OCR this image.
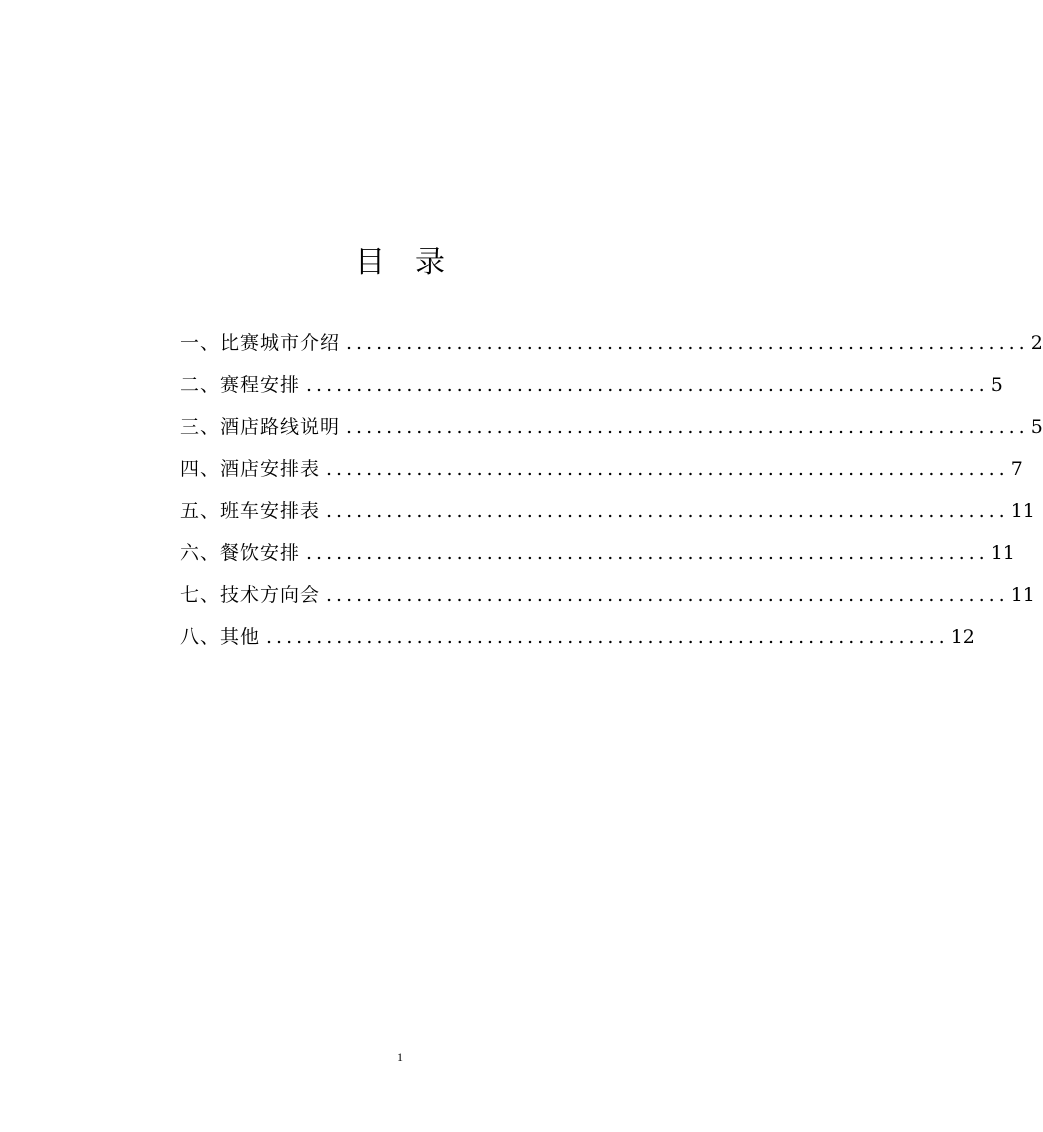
目录
一、比赛城市介绍 .................................................................... 2
二、赛程安排 .................................................................... 5
三、酒店路线说明 .................................................................... 5
四、酒店安排表 .................................................................... 7
五、班车安排表 .................................................................... 11
六、餐饮安排 .................................................................... 11
七、技术方向会 .................................................................... 11
八、其他 .................................................................... 12
1
